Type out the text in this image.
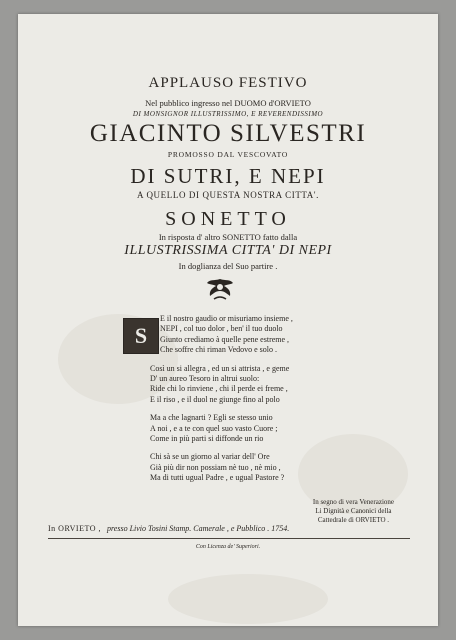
APPLAUSO FESTIVO
Nel pubblico ingresso nel DUOMO d'ORVIETO
DI MONSIGNOR ILLUSTRISSIMO, E REVERENDISSIMO
GIACINTO SILVESTRI
PROMOSSO DAL VESCOVATO
DI SUTRI, E NEPI
A QUELLO DI QUESTA NOSTRA CITTA'.
SONETTO
In risposta d' altro SONETTO fatto dalla
ILLUSTRISSIMA CITTA' DI NEPI
In doglianza del Suo partire .
S
E il nostro gaudio or misuriamo insieme ,
NEPI , col tuo dolor , ben' il tuo duolo
Giunto crediamo à quelle pene estreme ,
Che soffre chi riman Vedovo e solo .
Così un si allegra , ed un si attrista , e geme
D' un aureo Tesoro in altrui suolo:
Ride chi lo rinviene , chi il perde ei freme ,
E il riso , e il duol ne giunge fino al polo
Ma a che lagnarti ? Egli se stesso unio
A noi , e a te con quel suo vasto Cuore ;
Come in più parti si diffonde un rio
Chi sà se un giorno al variar dell' Ore
Già più dir non possiam nè tuo , nè mio ,
Ma di tutti ugual Padre , e ugual Pastore ?
In segno di vera Venerazione
Li Dignità e Canonici della
Cattedrale di ORVIETO .
In ORVIETO , presso Livio Tosini Stamp. Camerale , e Pubblico . 1754.
Con Licenza de' Superiori.
